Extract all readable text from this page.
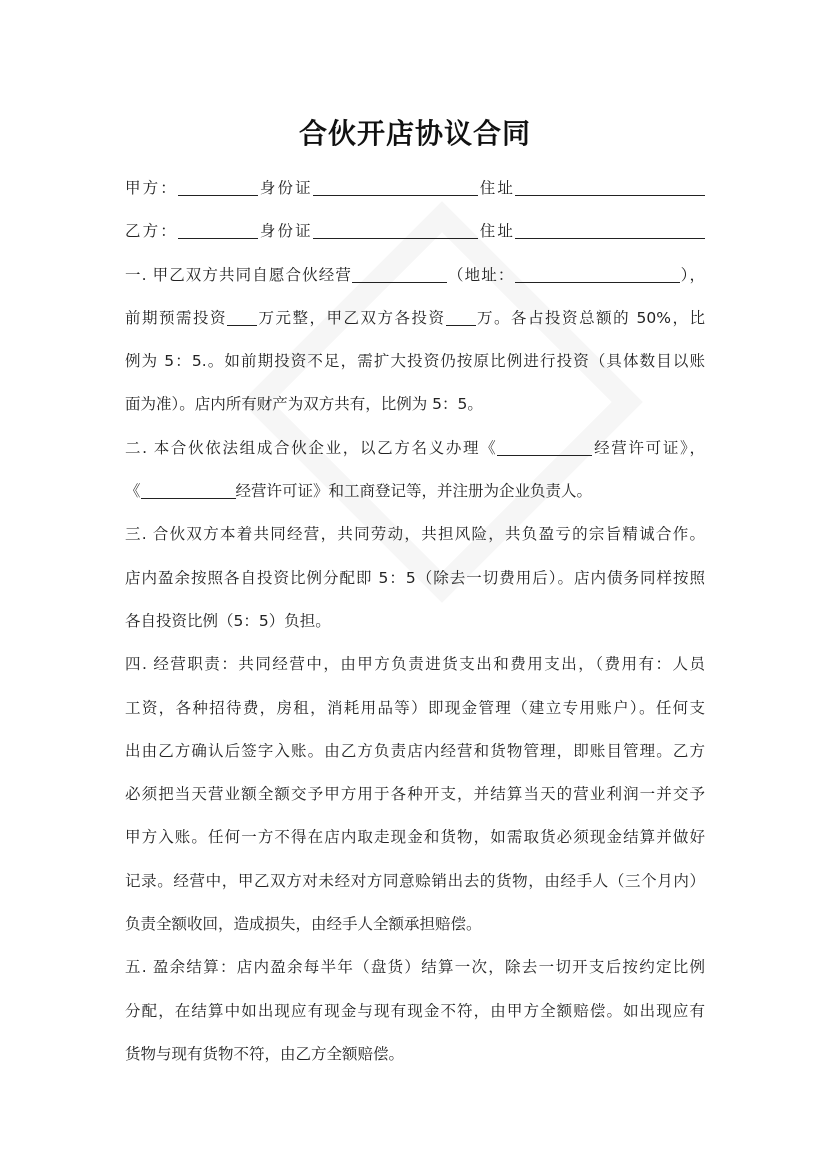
合伙开店协议合同
甲方：	身份证	住址
乙方：	身份证	住址
一. 甲乙双方共同自愿合伙经营	（地址：	），
前期预需投资 万元整，甲乙双方各投资 万。各占投资总额的 50%，比
例为 5：5.。如前期投资不足，需扩大投资仍按原比例进行投资（具体数目以账
面为准）。店内所有财产为双方共有，比例为 5：5。
二. 本合伙依法组成合伙企业，以乙方名义办理《	经营许可证》，
《	经营许可证》和工商登记等，并注册为企业负责人。
三. 合伙双方本着共同经营，共同劳动，共担风险，共负盈亏的宗旨精诚合作。
店内盈余按照各自投资比例分配即 5：5（除去一切费用后）。店内债务同样按照
各自投资比例（5：5）负担。
四. 经营职责：共同经营中，由甲方负责进货支出和费用支出，（费用有：人员
工资，各种招待费，房租，消耗用品等）即现金管理（建立专用账户）。任何支
出由乙方确认后签字入账。由乙方负责店内经营和货物管理，即账目管理。乙方
必须把当天营业额全额交予甲方用于各种开支，并结算当天的营业利润一并交予
甲方入账。任何一方不得在店内取走现金和货物，如需取货必须现金结算并做好
记录。经营中，甲乙双方对未经对方同意赊销出去的货物，由经手人（三个月内）
负责全额收回，造成损失，由经手人全额承担赔偿。
五. 盈余结算：店内盈余每半年（盘货）结算一次，除去一切开支后按约定比例
分配，在结算中如出现应有现金与现有现金不符，由甲方全额赔偿。如出现应有
货物与现有货物不符，由乙方全额赔偿。
